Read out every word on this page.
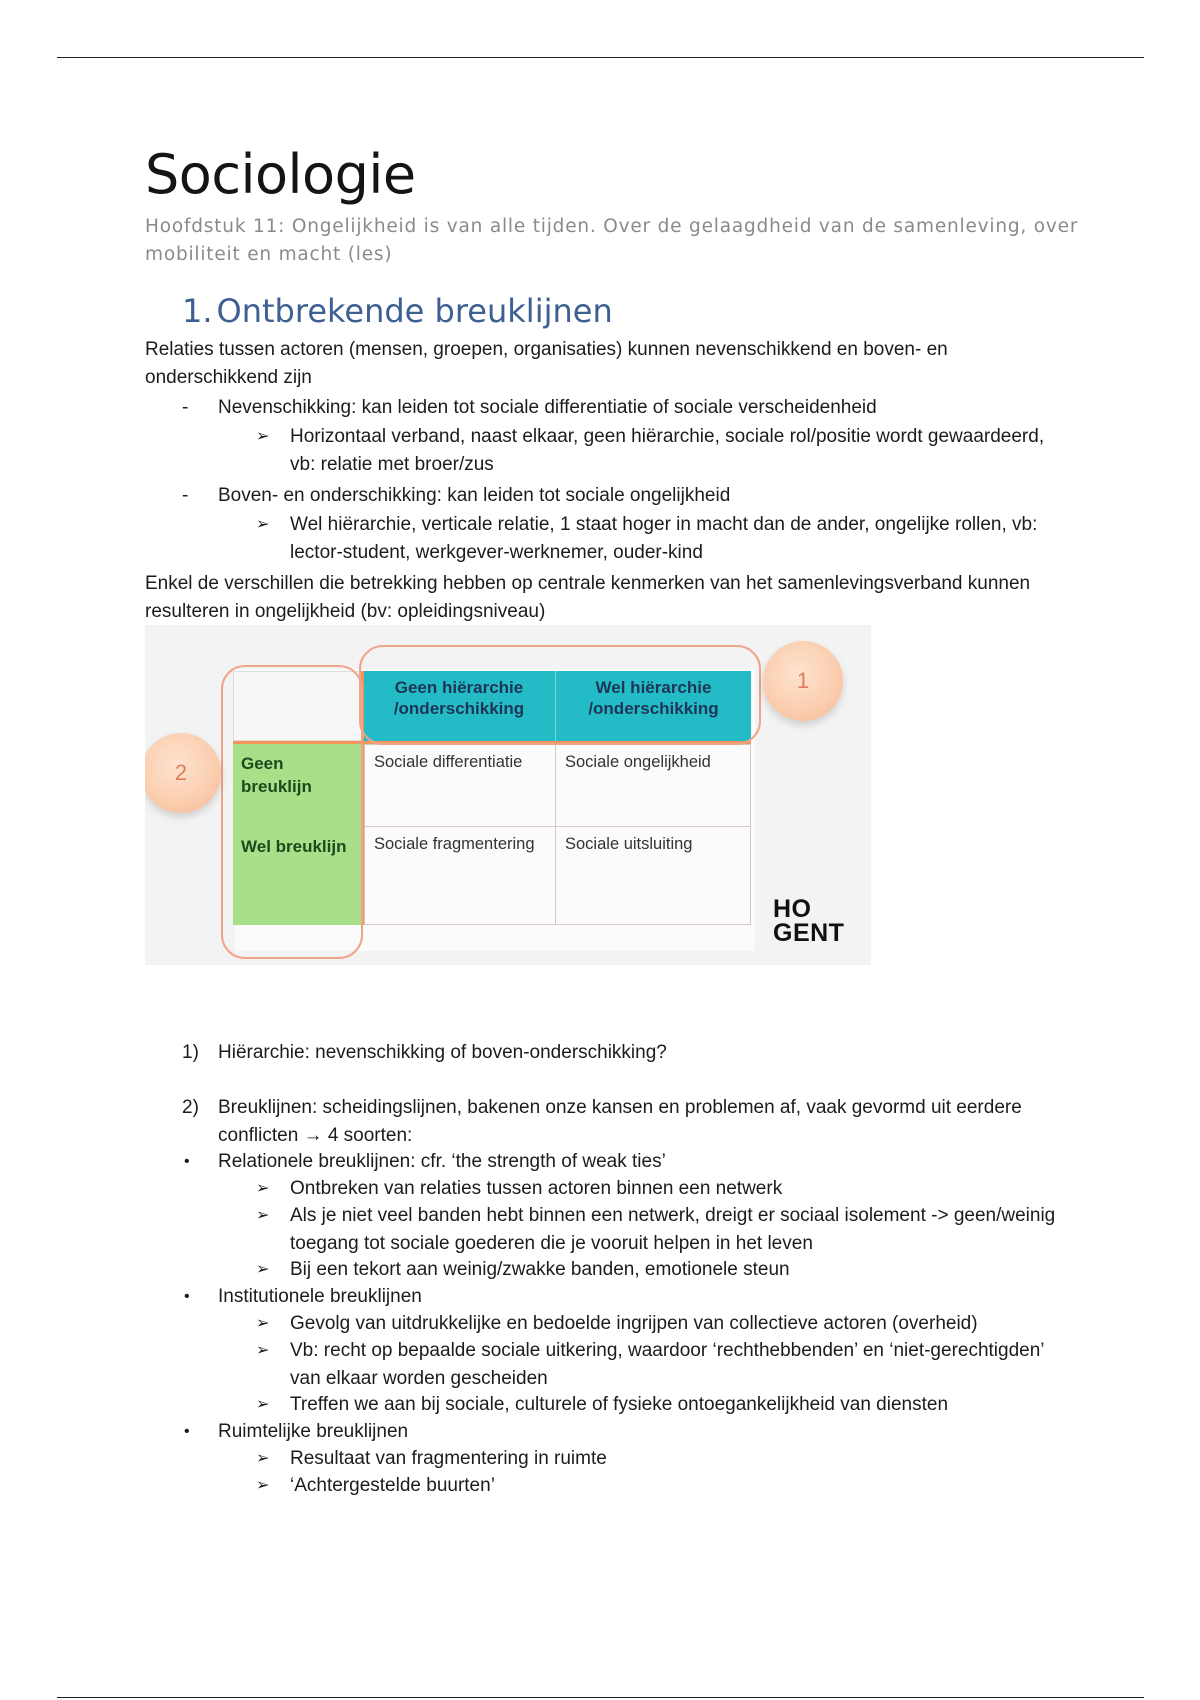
Sociologie
Hoofdstuk 11: Ongelijkheid is van alle tijden. Over de gelaagdheid van de samenleving, over mobiliteit en macht (les)
1. Ontbrekende breuklijnen
Relaties tussen actoren (mensen, groepen, organisaties) kunnen nevenschikkend en boven- en onderschikkend zijn
- Nevenschikking: kan leiden tot sociale differentiatie of sociale verscheidenheid
➢ Horizontaal verband, naast elkaar, geen hiërarchie, sociale rol/positie wordt gewaardeerd, vb: relatie met broer/zus
- Boven- en onderschikking: kan leiden tot sociale ongelijkheid
➢ Wel hiërarchie, verticale relatie, 1 staat hoger in macht dan de ander, ongelijke rollen, vb: lector-student, werkgever-werknemer, ouder-kind
Enkel de verschillen die betrekking hebben op centrale kenmerken van het samenlevingsverband kunnen resulteren in ongelijkheid (bv: opleidingsniveau)
Geen hiërarchie /onderschikking
Wel hiërarchie /onderschikking
Geen breuklijn
Wel breuklijn
Sociale differentiatie	Sociale ongelijkheid
Sociale fragmentering	Sociale uitsluiting
1
2
HO
GENT
1) Hiërarchie: nevenschikking of boven-onderschikking?
2) Breuklijnen: scheidingslijnen, bakenen onze kansen en problemen af, vaak gevormd uit eerdere conflicten → 4 soorten:
• Relationele breuklijnen: cfr. ‘the strength of weak ties’
➢ Ontbreken van relaties tussen actoren binnen een netwerk
➢ Als je niet veel banden hebt binnen een netwerk, dreigt er sociaal isolement -> geen/weinig toegang tot sociale goederen die je vooruit helpen in het leven
➢ Bij een tekort aan weinig/zwakke banden, emotionele steun
• Institutionele breuklijnen
➢ Gevolg van uitdrukkelijke en bedoelde ingrijpen van collectieve actoren (overheid)
➢ Vb: recht op bepaalde sociale uitkering, waardoor ‘rechthebbenden’ en ‘niet-gerechtigden’ van elkaar worden gescheiden
➢ Treffen we aan bij sociale, culturele of fysieke ontoegankelijkheid van diensten
• Ruimtelijke breuklijnen
➢ Resultaat van fragmentering in ruimte
➢ ‘Achtergestelde buurten’
